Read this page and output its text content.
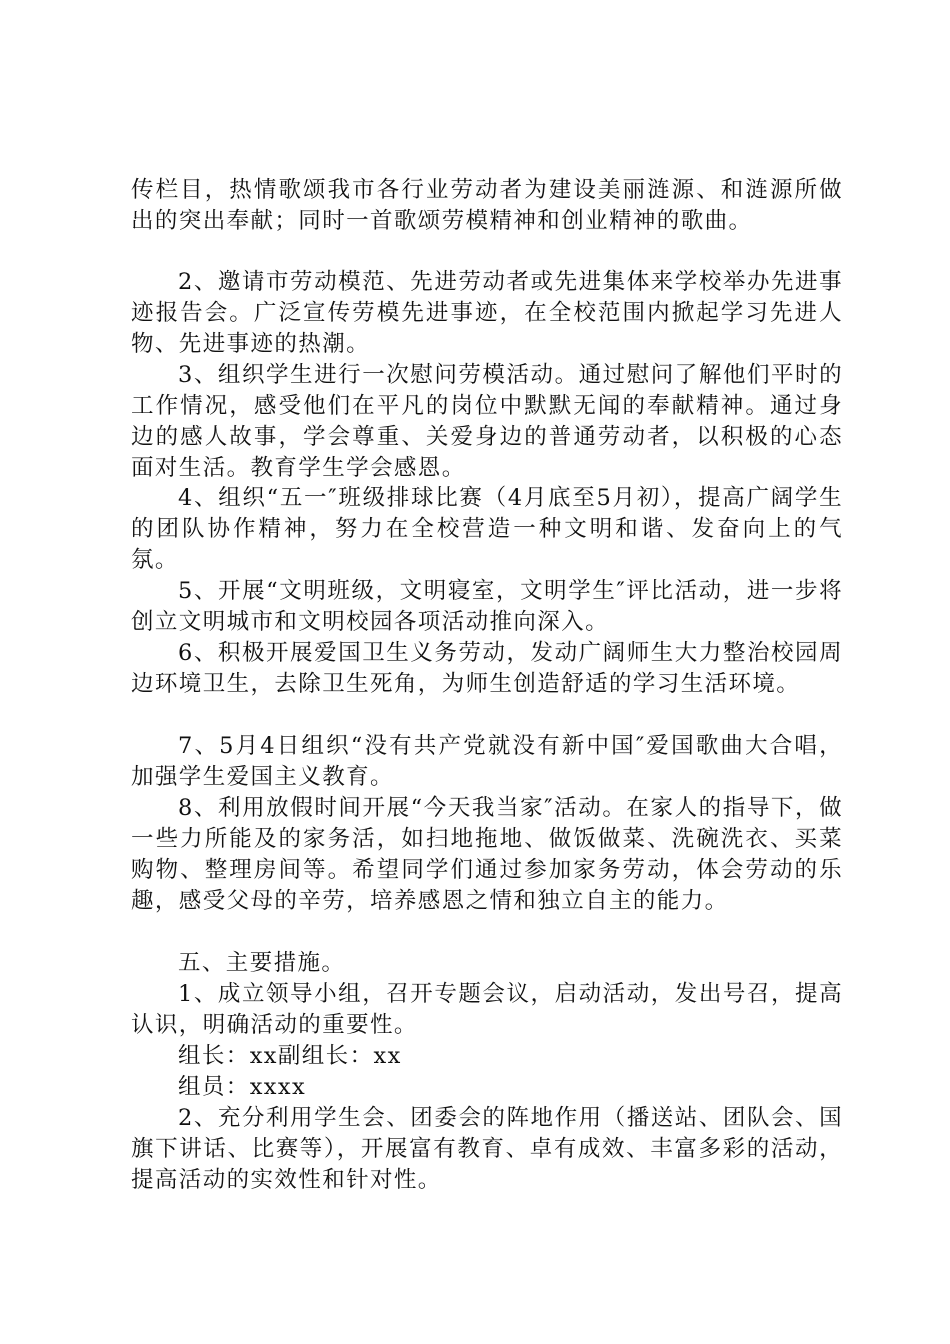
传栏目，热情歌颂我市各行业劳动者为建设美丽涟源、和涟源所做出的突出奉献；同时一首歌颂劳模精神和创业精神的歌曲。

2、邀请市劳动模范、先进劳动者或先进集体来学校举办先进事迹报告会。广泛宣传劳模先进事迹，在全校范围内掀起学习先进人物、先进事迹的热潮。

3、组织学生进行一次慰问劳模活动。通过慰问了解他们平时的工作情况，感受他们在平凡的岗位中默默无闻的奉献精神。通过身边的感人故事，学会尊重、关爱身边的普通劳动者，以积极的心态面对生活。教育学生学会感恩。

4、组织“五一″班级排球比赛（4月底至5月初），提高广阔学生的团队协作精神，努力在全校营造一种文明和谐、发奋向上的气氛。

5、开展“文明班级，文明寝室，文明学生″评比活动，进一步将创立文明城市和文明校园各项活动推向深入。

6、积极开展爱国卫生义务劳动，发动广阔师生大力整治校园周边环境卫生，去除卫生死角，为师生创造舒适的学习生活环境。

7、5月4日组织“没有共产党就没有新中国″爱国歌曲大合唱，加强学生爱国主义教育。

8、利用放假时间开展“今天我当家″活动。在家人的指导下，做一些力所能及的家务活，如扫地拖地、做饭做菜、洗碗洗衣、买菜购物、整理房间等。希望同学们通过参加家务劳动，体会劳动的乐趣，感受父母的辛劳，培养感恩之情和独立自主的能力。

五、主要措施。

1、成立领导小组，召开专题会议，启动活动，发出号召，提高认识，明确活动的重要性。

组长：xx副组长：xx

组员：xxxx

2、充分利用学生会、团委会的阵地作用（播送站、团队会、国旗下讲话、比赛等），开展富有教育、卓有成效、丰富多彩的活动，提高活动的实效性和针对性。
